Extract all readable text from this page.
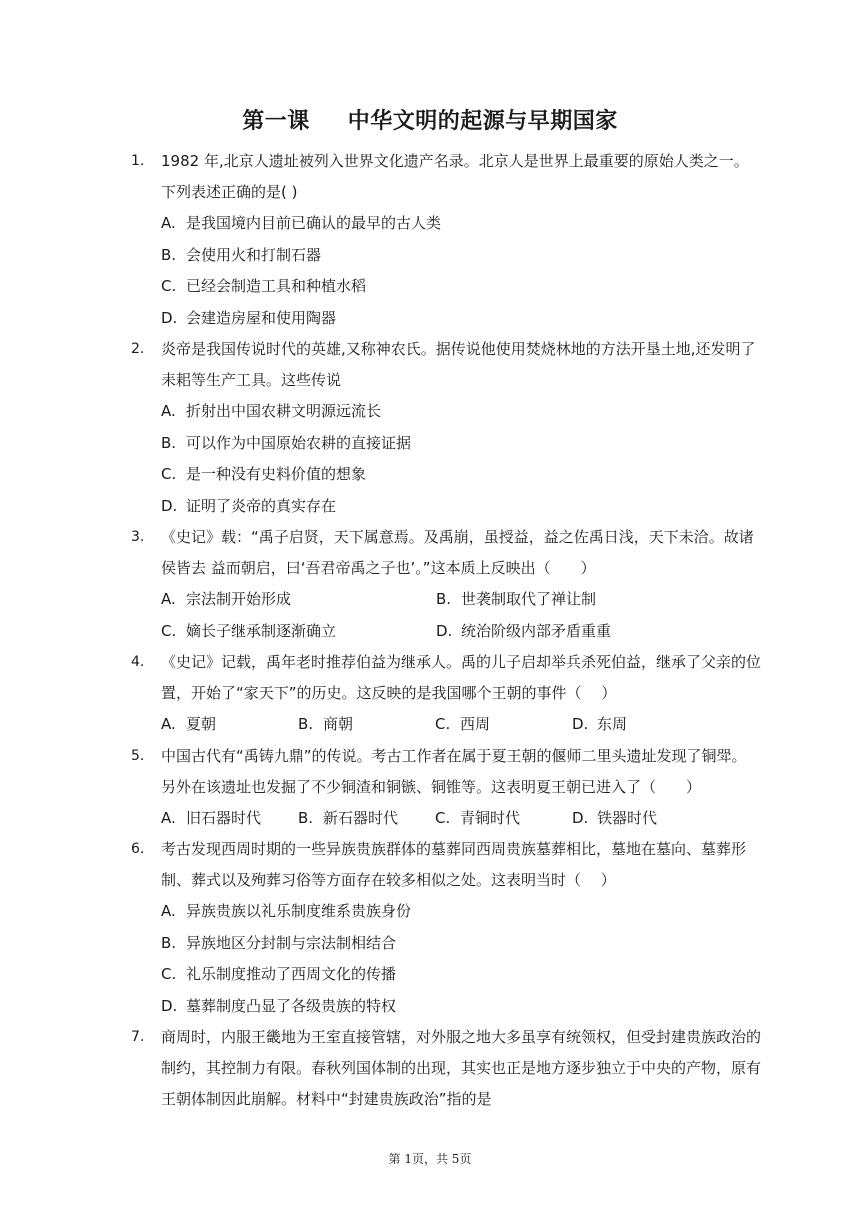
第一课 中华文明的起源与早期国家
1. 1982 年,北京人遗址被列入世界文化遗产名录。北京人是世界上最重要的原始人类之一。下列表述正确的是( )
A. 是我国境内目前已确认的最早的古人类
B. 会使用火和打制石器
C. 已经会制造工具和种植水稻
D. 会建造房屋和使用陶器
2. 炎帝是我国传说时代的英雄,又称神农氏。据传说他使用焚烧林地的方法开垦土地,还发明了耒耜等生产工具。这些传说
A. 折射出中国农耕文明源远流长
B. 可以作为中国原始农耕的直接证据
C. 是一种没有史料价值的想象
D. 证明了炎帝的真实存在
3. 《史记》载：“禹子启贤，天下属意焉。及禹崩，虽授益，益之佐禹日浅，天下未洽。故诸侯皆去 益而朝启，曰‘吾君帝禹之子也’。”这本质上反映出（　　）
A. 宗法制开始形成	B. 世袭制取代了禅让制
C. 嫡长子继承制逐渐确立	D. 统治阶级内部矛盾重重
4. 《史记》记载，禹年老时推荐伯益为继承人。禹的儿子启却举兵杀死伯益，继承了父亲的位置，开始了“家天下”的历史。这反映的是我国哪个王朝的事件（　 ）
A. 夏朝	B. 商朝	C. 西周	D. 东周
5. 中国古代有“禹铸九鼎”的传说。考古工作者在属于夏王朝的偃师二里头遗址发现了铜斝。另外在该遗址也发掘了不少铜渣和铜镞、铜锥等。这表明夏王朝已进入了（　　）
A. 旧石器时代	B. 新石器时代	C. 青铜时代	D. 铁器时代
6. 考古发现西周时期的一些异族贵族群体的墓葬同西周贵族墓葬相比，墓地在墓向、墓葬形制、葬式以及殉葬习俗等方面存在较多相似之处。这表明当时（　 ）
A. 异族贵族以礼乐制度维系贵族身份
B. 异族地区分封制与宗法制相结合
C. 礼乐制度推动了西周文化的传播
D. 墓葬制度凸显了各级贵族的特权
7. 商周时，内服王畿地为王室直接管辖，对外服之地大多虽享有统领权，但受封建贵族政治的制约，其控制力有限。春秋列国体制的出现，其实也正是地方逐步独立于中央的产物，原有王朝体制因此崩解。材料中“封建贵族政治”指的是
第 1页，共 5页
